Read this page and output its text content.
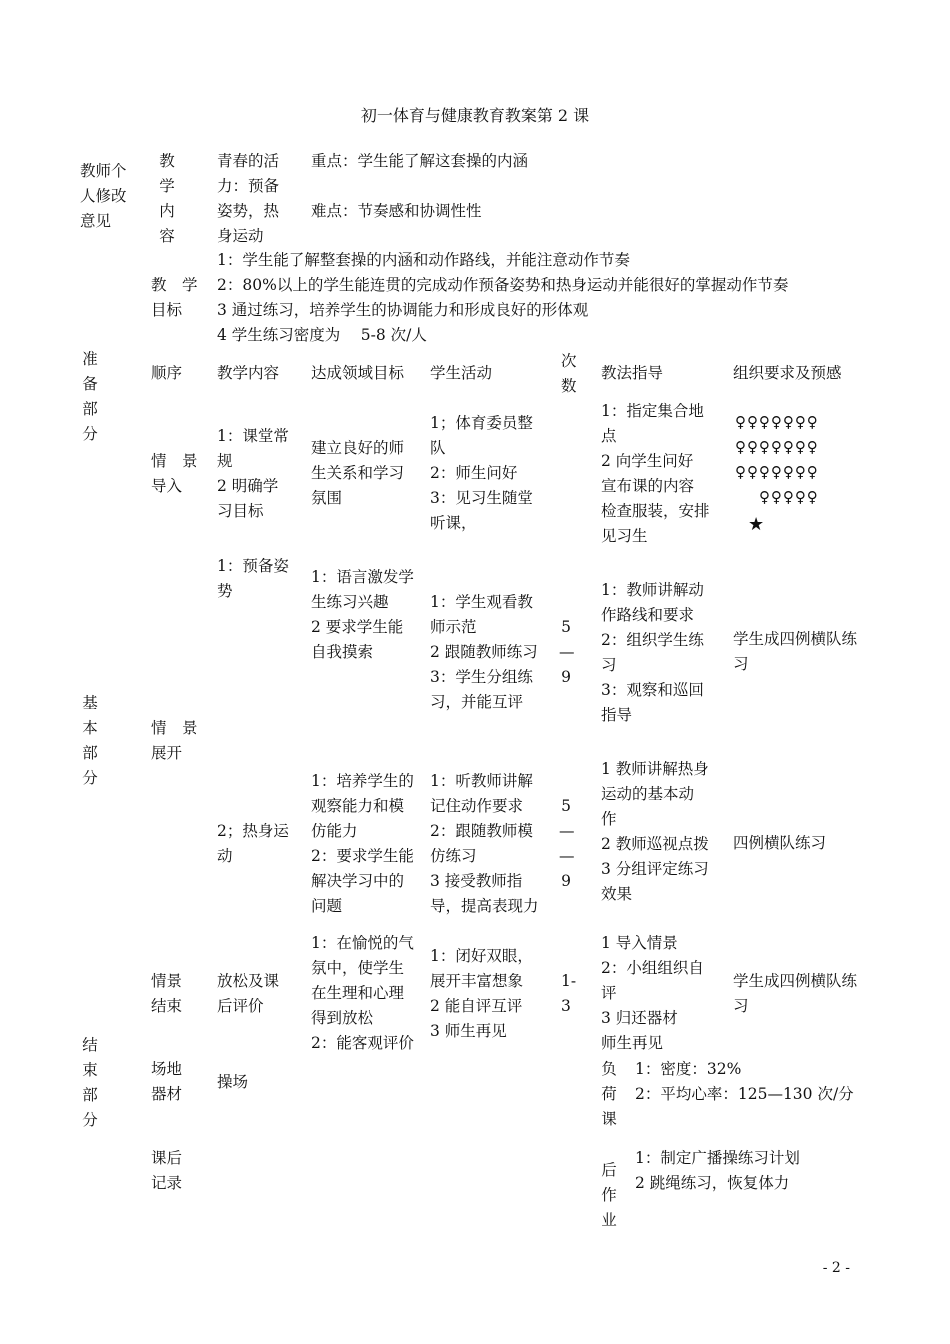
初一体育与健康教育教案第 2 课
教师个
人修改
意见
准
备
部
分
基
本
部
分
结
束
部
分
教
学
内
容
青春的活
力：预备
姿势，热
身运动
重点：学生能了解这套操的内涵
难点：节奏感和协调性性
教　学
目标
1：学生能了解整套操的内涵和动作路线，并能注意动作节奏
2：80%以上的学生能连贯的完成动作预备姿势和热身运动并能很好的掌握动作节奏
3 通过练习，培养学生的协调能力和形成良好的形体观
4 学生练习密度为　 5-8 次/人
顺序 教学内容 达成领域目标 学生活动
次
数
教法指导	组织要求及预感
情　景
导入
1：课堂常
规
2 明确学
习目标
建立良好的师
生关系和学习
氛围
1；体育委员整
队
2：师生问好
3：见习生随堂
听课，
1：指定集合地
点
2 向学生问好
宣布课的内容
检查服装，安排
见习生
♀♀♀♀♀♀♀
♀♀♀♀♀♀♀
♀♀♀♀♀♀♀
♀♀♀♀♀
★
情　景
展开
1：预备姿
势
1：语言激发学
生练习兴趣
2 要求学生能
自我摸索
1：学生观看教
师示范
2 跟随教师练习
3：学生分组练
习，并能互评
5
—
9
1：教师讲解动
作路线和要求
2：组织学生练
习
3：观察和巡回
指导
学生成四例横队练
习
2；热身运
动
1：培养学生的
观察能力和模
仿能力
2：要求学生能
解决学习中的
问题
1：听教师讲解
记住动作要求
2：跟随教师模
仿练习
3 接受教师指
导，提高表现力
5
—
—
9
1 教师讲解热身
运动的基本动
作
2 教师巡视点拨
3 分组评定练习
效果
四例横队练习
情景
结束
放松及课
后评价
1：在愉悦的气
氛中，使学生
在生理和心理
得到放松
2：能客观评价
1：闭好双眼，
展开丰富想象
2 能自评互评
3 师生再见
1-
3
1 导入情景
2：小组组织自
评
3 归还器材
师生再见
学生成四例横队练
习
场地
器材
操场
负
荷
课
1：密度：32%
2：平均心率：125—130 次/分
课后
记录
后
作
业
1：制定广播操练习计划
2 跳绳练习，恢复体力
- 2 -
